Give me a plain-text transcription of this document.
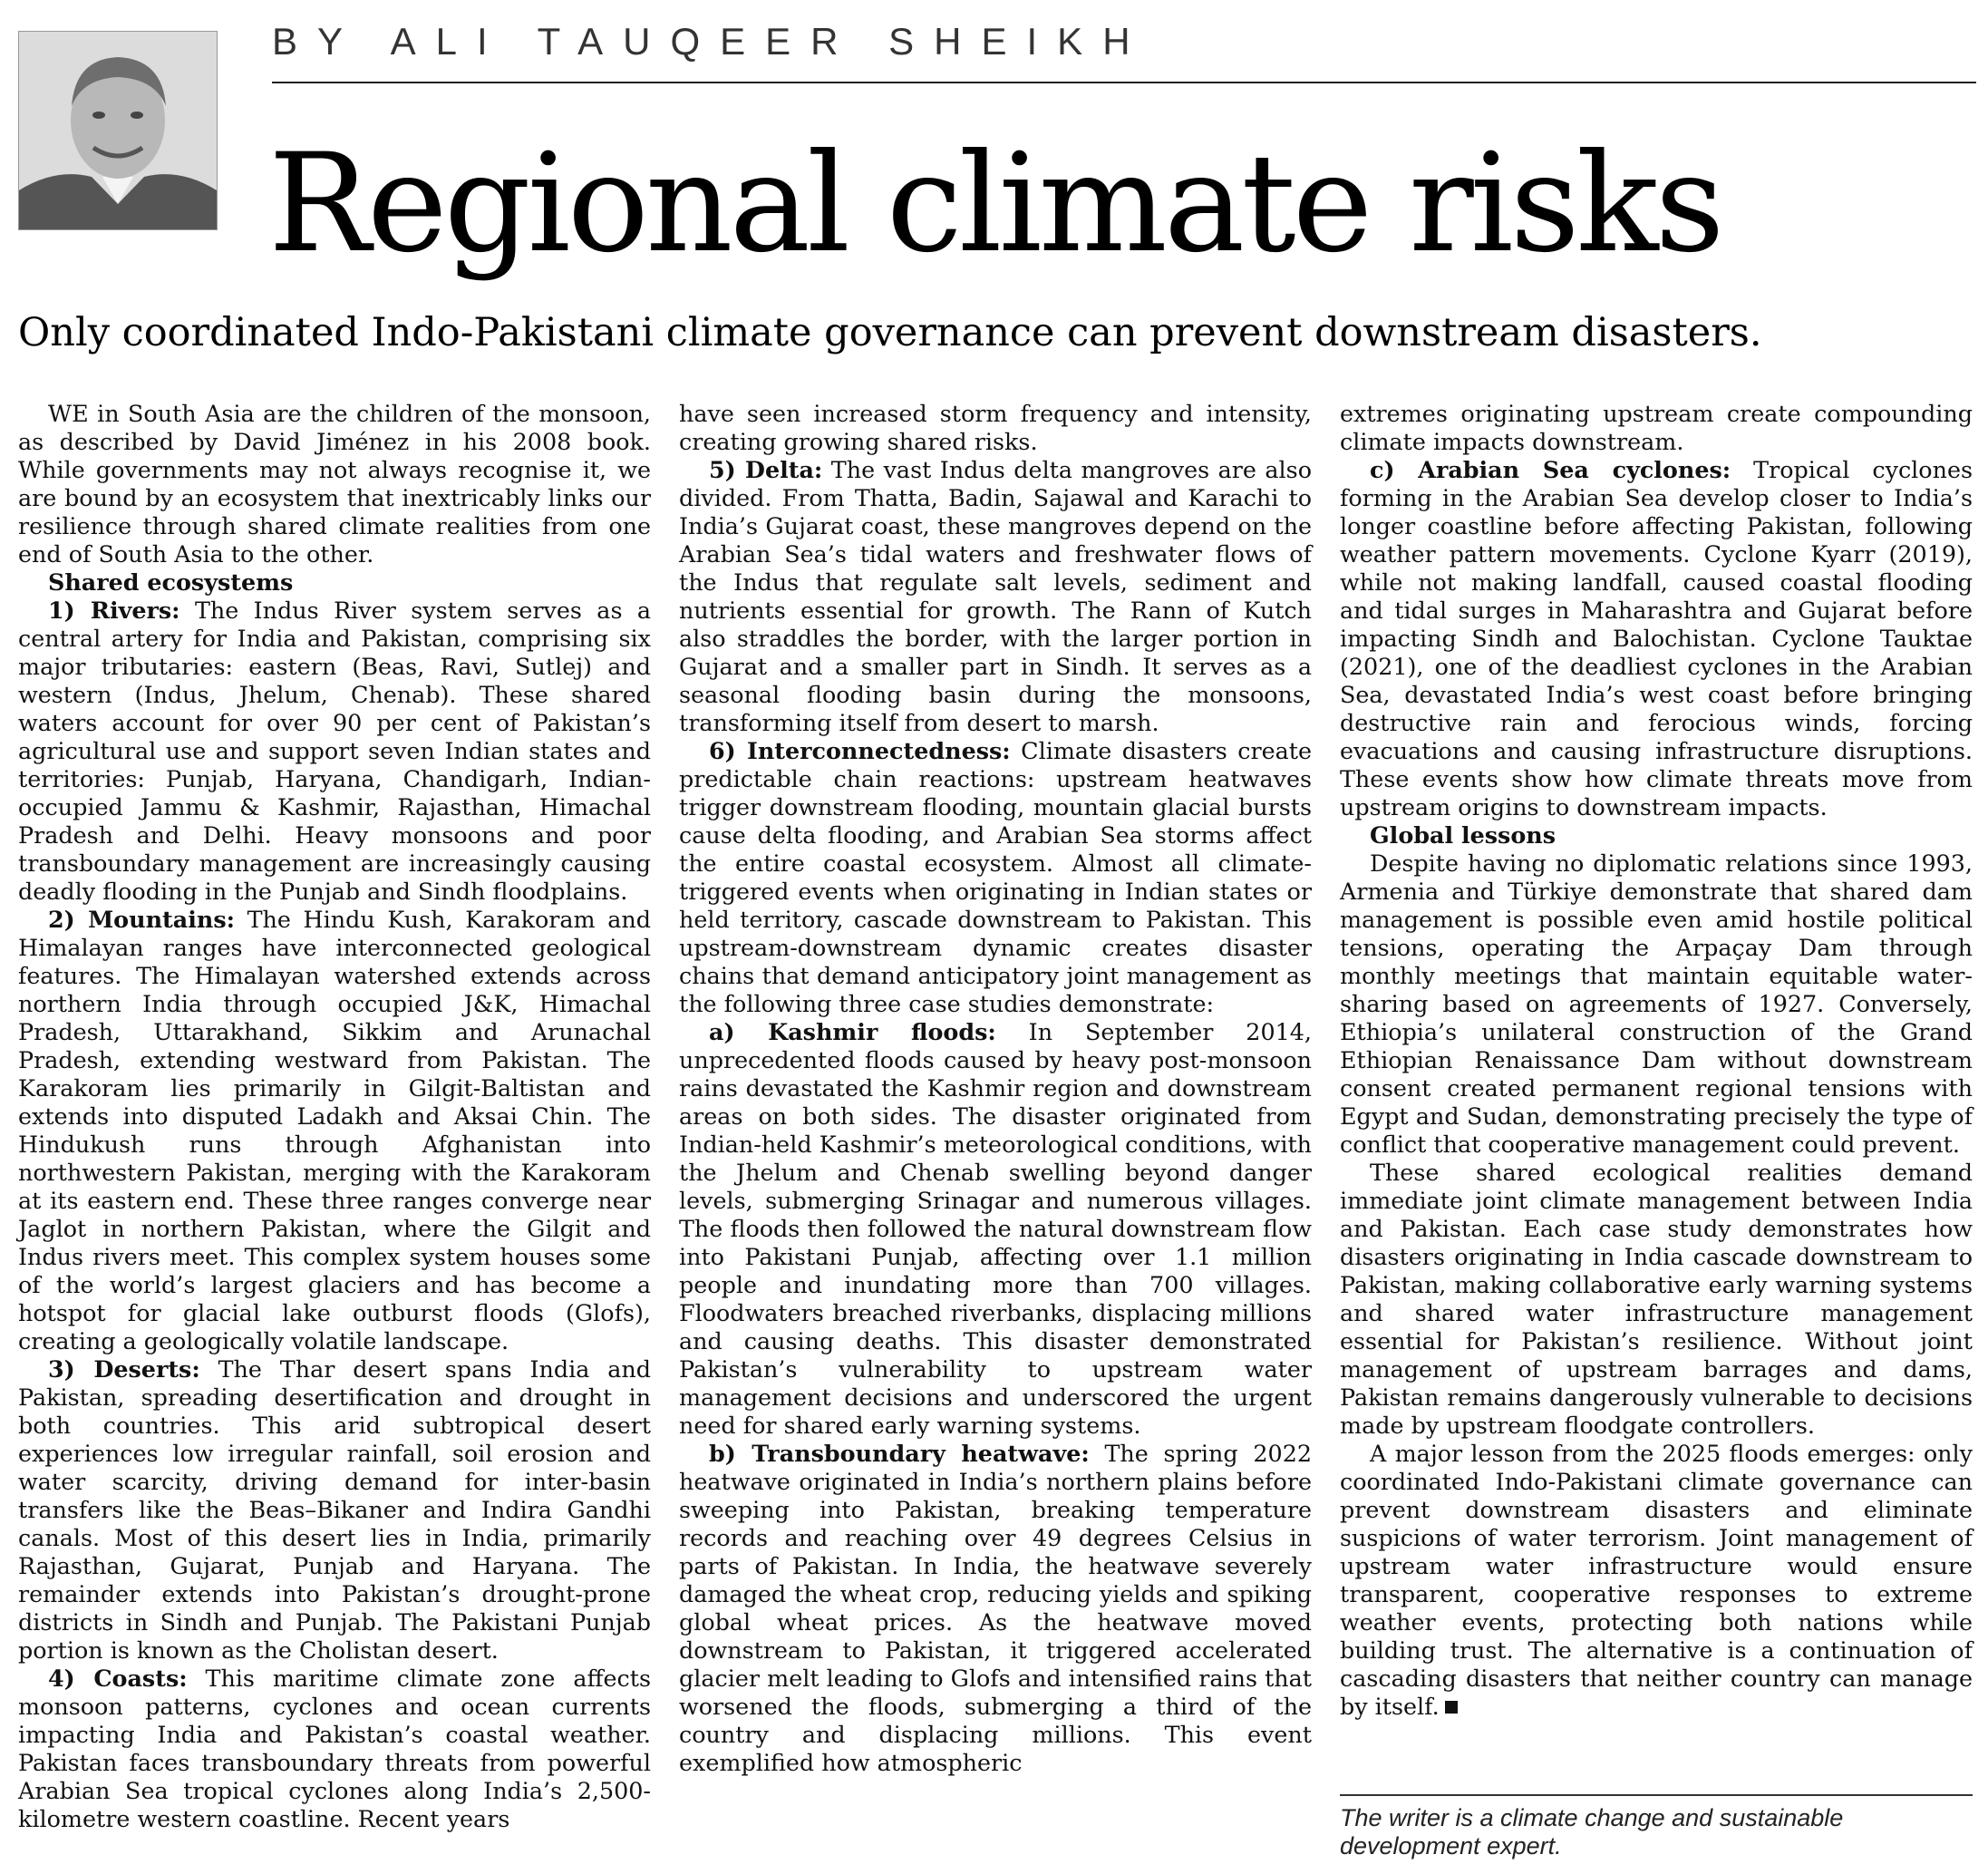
BY ALI TAUQEER SHEIKH
Regional climate risks
Only coordinated Indo-Pakistani climate governance can prevent downstream disasters.

WE in South Asia are the children of the monsoon, as described by David Jiménez in his 2008 book. While governments may not always recognise it, we are bound by an ecosystem that inextricably links our resilience through shared climate realities from one end of South Asia to the other.

Shared ecosystems

1) Rivers: The Indus River system serves as a central artery for India and Pakistan, comprising six major tributaries: eastern (Beas, Ravi, Sutlej) and western (Indus, Jhelum, Chenab). These shared waters account for over 90 per cent of Pakistan’s agricultural use and support seven Indian states and territories: Punjab, Haryana, Chandigarh, Indian-occupied Jammu & Kashmir, Rajasthan, Himachal Pradesh and Delhi. Heavy monsoons and poor transboundary management are increasingly causing deadly flooding in the Punjab and Sindh floodplains.

2) Mountains: The Hindu Kush, Karakoram and Himalayan ranges have interconnected geological features. The Himalayan watershed extends across northern India through occupied J&K, Himachal Pradesh, Uttarakhand, Sikkim and Arunachal Pradesh, extending westward from Pakistan. The Karakoram lies primarily in Gilgit-Baltistan and extends into disputed Ladakh and Aksai Chin. The Hindukush runs through Afghanistan into northwestern Pakistan, merging with the Karakoram at its eastern end. These three ranges converge near Jaglot in northern Pakistan, where the Gilgit and Indus rivers meet. This complex system houses some of the world’s largest glaciers and has become a hotspot for glacial lake outburst floods (Glofs), creating a geologically volatile landscape.

3) Deserts: The Thar desert spans India and Pakistan, spreading desertification and drought in both countries. This arid subtropical desert experiences low irregular rainfall, soil erosion and water scarcity, driving demand for inter-basin transfers like the Beas–Bikaner and Indira Gandhi canals. Most of this desert lies in India, primarily Rajasthan, Gujarat, Punjab and Haryana. The remainder extends into Pakistan’s drought-prone districts in Sindh and Punjab. The Pakistani Punjab portion is known as the Cholistan desert.

4) Coasts: This maritime climate zone affects monsoon patterns, cyclones and ocean currents impacting India and Pakistan’s coastal weather. Pakistan faces transboundary threats from powerful Arabian Sea tropical cyclones along India’s 2,500-kilometre western coastline. Recent years

have seen increased storm frequency and intensity, creating growing shared risks.

5) Delta: The vast Indus delta mangroves are also divided. From Thatta, Badin, Sajawal and Karachi to India’s Gujarat coast, these mangroves depend on the Arabian Sea’s tidal waters and freshwater flows of the Indus that regulate salt levels, sediment and nutrients essential for growth. The Rann of Kutch also straddles the border, with the larger portion in Gujarat and a smaller part in Sindh. It serves as a seasonal flooding basin during the monsoons, transforming itself from desert to marsh.

6) Interconnectedness: Climate disasters create predictable chain reactions: upstream heatwaves trigger downstream flooding, mountain glacial bursts cause delta flooding, and Arabian Sea storms affect the entire coastal ecosystem. Almost all climate-triggered events when originating in Indian states or held territory, cascade downstream to Pakistan. This upstream-downstream dynamic creates disaster chains that demand anticipatory joint management as the following three case studies demonstrate:

a) Kashmir floods: In September 2014, unprecedented floods caused by heavy post-monsoon rains devastated the Kashmir region and downstream areas on both sides. The disaster originated from Indian-held Kashmir’s meteorological conditions, with the Jhelum and Chenab swelling beyond danger levels, submerging Srinagar and numerous villages. The floods then followed the natural downstream flow into Pakistani Punjab, affecting over 1.1 million people and inundating more than 700 villages. Floodwaters breached riverbanks, displacing millions and causing deaths. This disaster demonstrated Pakistan’s vulnerability to upstream water management decisions and underscored the urgent need for shared early warning systems.

b) Transboundary heatwave: The spring 2022 heatwave originated in India’s northern plains before sweeping into Pakistan, breaking temperature records and reaching over 49 degrees Celsius in parts of Pakistan. In India, the heatwave severely damaged the wheat crop, reducing yields and spiking global wheat prices. As the heatwave moved downstream to Pakistan, it triggered accelerated glacier melt leading to Glofs and intensified rains that worsened the floods, submerging a third of the country and displacing millions. This event exemplified how atmospheric

extremes originating upstream create compounding climate impacts downstream.

c) Arabian Sea cyclones: Tropical cyclones forming in the Arabian Sea develop closer to India’s longer coastline before affecting Pakistan, following weather pattern movements. Cyclone Kyarr (2019), while not making landfall, caused coastal flooding and tidal surges in Maharashtra and Gujarat before impacting Sindh and Balochistan. Cyclone Tauktae (2021), one of the deadliest cyclones in the Arabian Sea, devastated India’s west coast before bringing destructive rain and ferocious winds, forcing evacuations and causing infrastructure disruptions. These events show how climate threats move from upstream origins to downstream impacts.

Global lessons

Despite having no diplomatic relations since 1993, Armenia and Türkiye demonstrate that shared dam management is possible even amid hostile political tensions, operating the Arpaçay Dam through monthly meetings that maintain equitable water-sharing based on agreements of 1927. Conversely, Ethiopia’s unilateral construction of the Grand Ethiopian Renaissance Dam without downstream consent created permanent regional tensions with Egypt and Sudan, demonstrating precisely the type of conflict that cooperative management could prevent.

These shared ecological realities demand immediate joint climate management between India and Pakistan. Each case study demonstrates how disasters originating in India cascade downstream to Pakistan, making collaborative early warning systems and shared water infrastructure management essential for Pakistan’s resilience. Without joint management of upstream barrages and dams, Pakistan remains dangerously vulnerable to decisions made by upstream floodgate controllers.

A major lesson from the 2025 floods emerges: only coordinated Indo-Pakistani climate governance can prevent downstream disasters and eliminate suspicions of water terrorism. Joint management of upstream water infrastructure would ensure transparent, cooperative responses to extreme weather events, protecting both nations while building trust. The alternative is a continuation of cascading disasters that neither country can manage by itself.

The writer is a climate change and sustainable development expert.
